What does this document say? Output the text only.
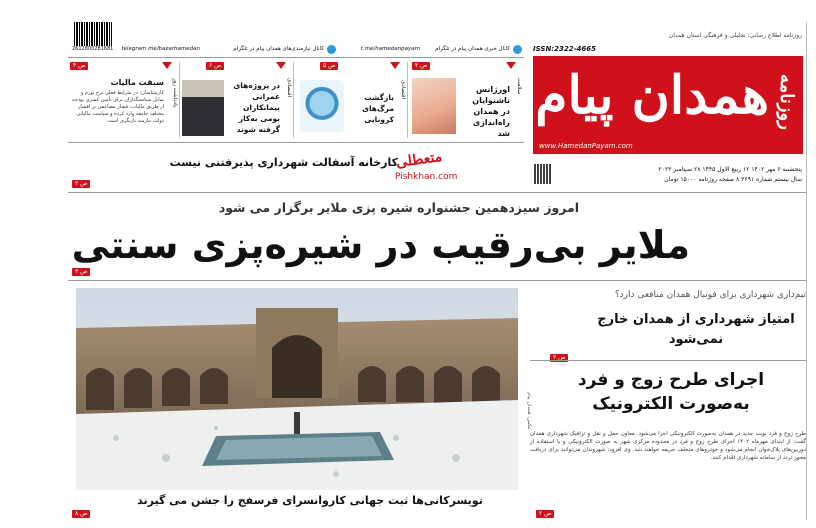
روزنامه اطلاع رسانی؛ تحلیلی و فرهنگی استان همدان
ISSN:2322-4665
روزنامه
همدان پیام
www.HamedanPayam.com
پنجشنبه ۶ مهر ۱۴۰۲ ۱۲ ربیع الاول ۱۴۴۵ ۲۸ سپتامبر ۲۰۲۳
سال بیستم شماره ۳۶۹۱ ۸ صفحه روزنامه ۱۵۰۰۰ تومان
2612800281681	کانال خبری همدان پیام در تلگرام
t.me/hamedanpayam
کانال نیازمندی‌های همدان پیام در تلگرام
telegram.me/bazarhamedan
ص ۲
سلامت
اورژانس ناشنوایان در همدان راه‌اندازی شد
ص ۵
اقتصادی
بازگشت مرگ‌های کرونایی
ص ۶
اقتصادی
در پروژه‌های عمرانی پیمانکاران بومی به‌کار گرفته شوند
ص ۴
پادداشت روز
سبقت مالیات
کارشناسان: در شرایط فعلی نرخ تورم و تمایل سیاستگذاران برای تأمین کسری بودجه از طریق مالیات، فشار مضاعفی بر اقشار مختلف جامعه وارد کرده و سیاست مالیاتی دولت نیازمند بازنگری است.
متعطلی
کارخانه آسفالت شهرداری پذیرفتنی نیست
Pishkhan.com
ص ۲
امروز سیزدهمین جشنواره شیره پزی ملایر برگزار می شود
ملایر بی‌رقیب در شیره‌پزی سنتی
ص ۳
عکس: همدان پیام
تویسرکانی‌ها ثبت جهانی کاروانسرای فرسفج را جشن می گیرند
ص ۸
تیم‌داری شهرداری برای فوتبال همدان منافعی دارد؟
امتیاز شهرداری از همدان خارج نمی‌شود
ص ۲
اجرای طرح زوج و فرد به‌صورت الکترونیک
طرح زوج و فرد نوبت جدید در همدان به‌صورت الکترونیکی اجرا می‌شود. معاون حمل و نقل و ترافیک شهرداری همدان گفت: از ابتدای مهرماه ۱۴۰۲ اجرای طرح زوج و فرد در محدوده مرکزی شهر به صورت الکترونیکی و با استفاده از دوربین‌های پلاک‌خوان انجام می‌شود و خودروهای متخلف جریمه خواهند شد. وی افزود: شهروندان می‌توانند برای دریافت مجوز تردد از سامانه شهرداری اقدام کنند.
ص ۲
